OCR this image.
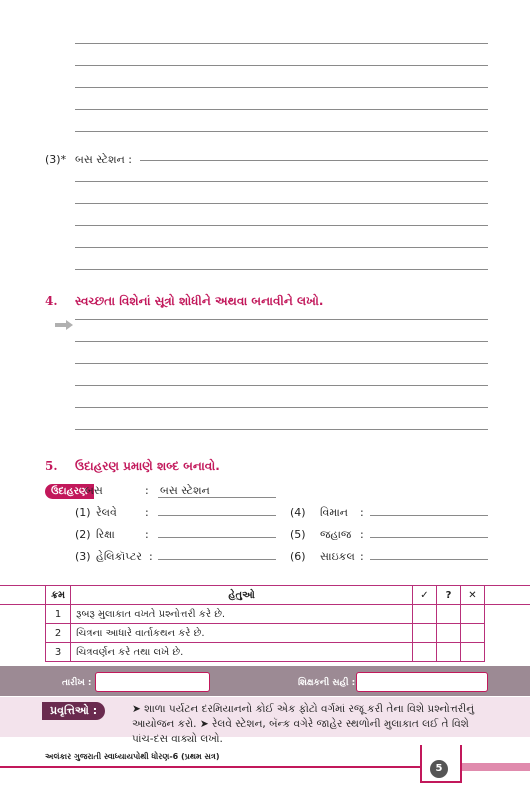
(3)* બસ સ્ટેશન :
4. સ્વચ્છતા વિશેનાં સૂત્રો શોધીને અથવા બનાવીને લખો.
5. ઉદાહરણ પ્રમાણે શબ્દ બનાવો.
ઉદાહરણ
બસ	: બસ સ્ટેશન
(1) રેલવે	:
(2) રિક્ષા	:
(3) હેલિકૉપ્ટર :
(4) વિમાન :
(5) જહાજ :
(6) સાઇકલ :
ક્રમ	હેતુઓ	✓	?	✕
1	રૂબરૂ મુલાકાત વખતે પ્રશ્નોત્તરી કરે છે.			
2	ચિત્રના આધારે વાર્તાકથન કરે છે.			
3	ચિત્રવર્ણન કરે તથા લખે છે.			
તારીખ :	શિક્ષકની સહી :
પ્રવૃત્તિઓ :	➤ શાળા પર્યટન દરમિયાનનો કોઈ એક ફોટો વર્ગમાં રજૂ કરી તેના વિશે પ્રશ્નોત્તરીનું
આયોજન કરો. ➤ રેલવે સ્ટેશન, બૅન્ક વગેરે જાહેર સ્થળોની મુલાકાત લઈ તે વિશે
પાંચ-દસ વાક્યો લખો.
અલંકાર ગુજરાતી સ્વાધ્યાયપોથી ધોરણ-6 (પ્રથમ સત્ર)
5
